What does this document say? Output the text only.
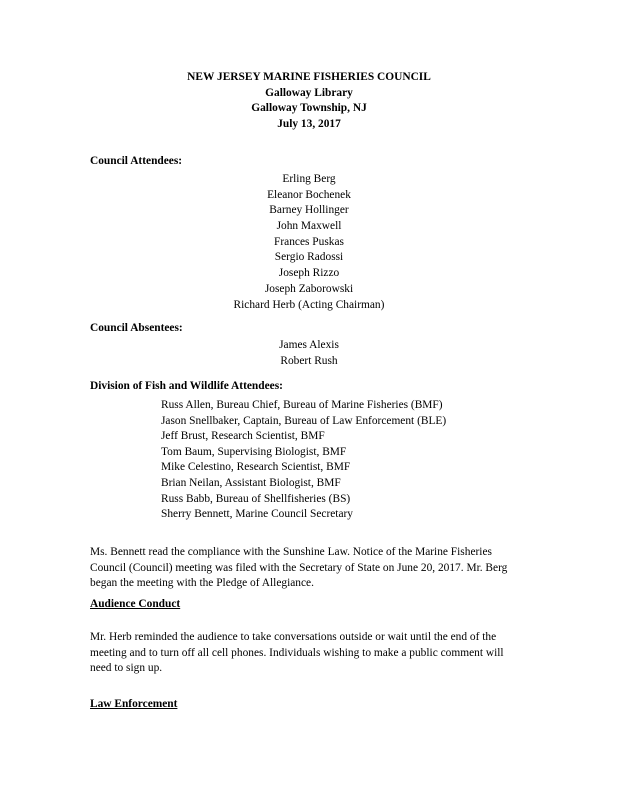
NEW JERSEY MARINE FISHERIES COUNCIL
Galloway Library
Galloway Township, NJ
July 13, 2017
Council Attendees:
Erling Berg
Eleanor Bochenek
Barney Hollinger
John Maxwell
Frances Puskas
Sergio Radossi
Joseph Rizzo
Joseph Zaborowski
Richard Herb (Acting Chairman)
Council Absentees:
James Alexis
Robert Rush
Division of Fish and Wildlife Attendees:
Russ Allen, Bureau Chief, Bureau of Marine Fisheries (BMF)
Jason Snellbaker, Captain, Bureau of Law Enforcement (BLE)
Jeff Brust, Research Scientist, BMF
Tom Baum, Supervising Biologist, BMF
Mike Celestino, Research Scientist, BMF
Brian Neilan, Assistant Biologist, BMF
Russ Babb, Bureau of Shellfisheries (BS)
Sherry Bennett, Marine Council Secretary
Ms. Bennett read the compliance with the Sunshine Law. Notice of the Marine Fisheries
Council (Council) meeting was filed with the Secretary of State on June 20, 2017. Mr. Berg
began the meeting with the Pledge of Allegiance.
Audience Conduct
Mr. Herb reminded the audience to take conversations outside or wait until the end of the
meeting and to turn off all cell phones. Individuals wishing to make a public comment will
need to sign up.
Law Enforcement
